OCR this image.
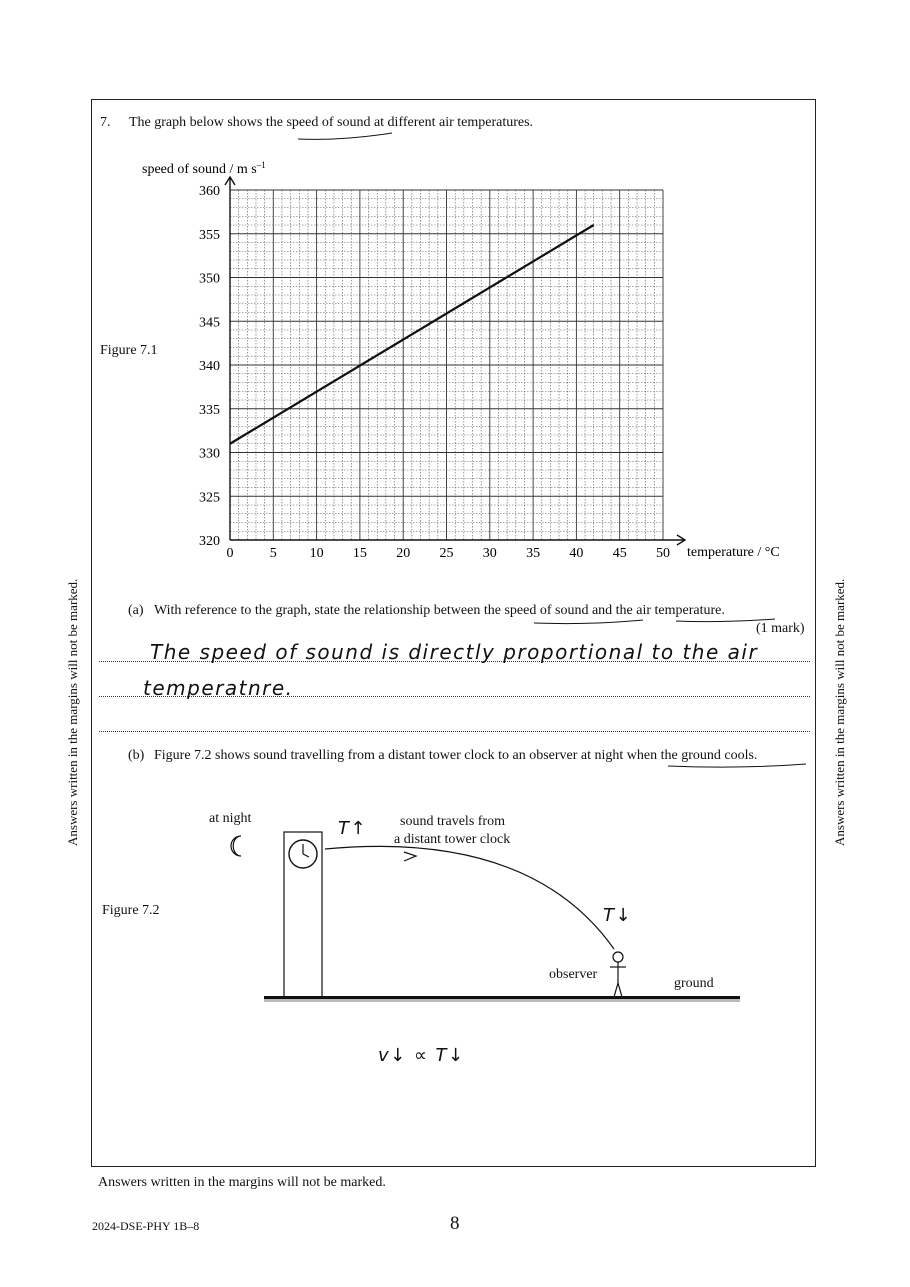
Answers written in the margins will not be marked.	Answers written in the margins will not be marked.
7. The graph below shows the speed of sound at different air temperatures.
Figure 7.1
0	5 10 15 20 25 30 35 40 45 50
320
325
330
335
340
345
350
355
360
speed of sound / m $s^{-1}$
temperature / °C
(a) With reference to the graph, state the relationship between the speed of sound and the air temperature.
(1 mark)
The speed of sound is directly proportional to the air
temperatnre.
(b) Figure 7.2 shows sound travelling from a distant tower clock to an observer at night when the ground cools.
Figure 7.2
at night	sound travels from
a distant tower clock
observer
ground
T↑
T↓
v↓ ∝ T↓
Answers written in the margins will not be marked.
2024-DSE-PHY 1B–8	8
